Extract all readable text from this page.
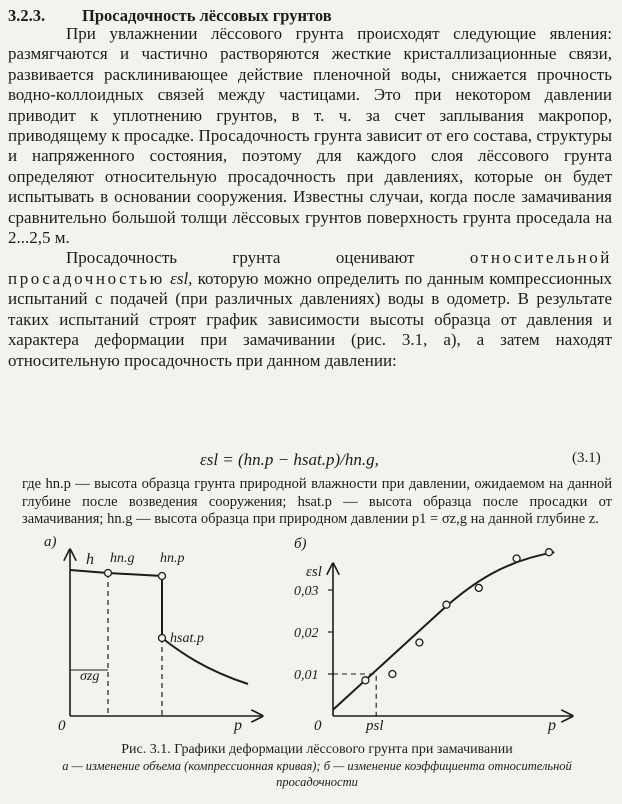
3.2.3. Просадочность лёссовых грунтов

При увлажнении лёссового грунта происходят следующие явления: размягчаются и частично растворяются жесткие кристаллизационные связи, развивается расклинивающее действие пленочной воды, снижается прочность водно-коллоидных связей между частицами. Это при некотором давлении приводит к уплотнению грунтов, в т. ч. за счет заплывания макропор, приводящему к просадке. Просадочность грунта зависит от его состава, структуры и напряженного состояния, поэтому для каждого слоя лёссового грунта определяют относительную просадочность при давлениях, которые он будет испытывать в основании сооружения. Известны случаи, когда после замачивания сравнительно большой толщи лёссовых грунтов поверхность грунта проседала на 2...2,5 м.

Просадочность грунта оценивают относительной просадочностью εsl, которую можно определить по данным компрессионных испытаний с подачей (при различных давлениях) воды в одометр. В результате таких испытаний строят график зависимости высоты образца от давления и характера деформации при замачивании (рис. 3.1, а), а затем находят относительную просадочность при данном давлении:

εsl = (hn.p − hsat.p)/hn.g,	(3.1)

где hn.p — высота образца грунта природной влажности при давлении, ожидаемом на данной глубине после возведения сооружения; hsat.p — высота образца после просадки от замачивания; hn.g — высота образца при природном давлении p1 = σz,g на данной глубине z.

а)
h
p
0
hn.g hn.p
hsat.p
σzg
б)
εsl
p
0	psl
0,01
0,02
0,03

Рис. 3.1. Графики деформации лёссового грунта при замачивании

а — изменение объема (компрессионная кривая); б — изменение коэффициента относительной просадочности
